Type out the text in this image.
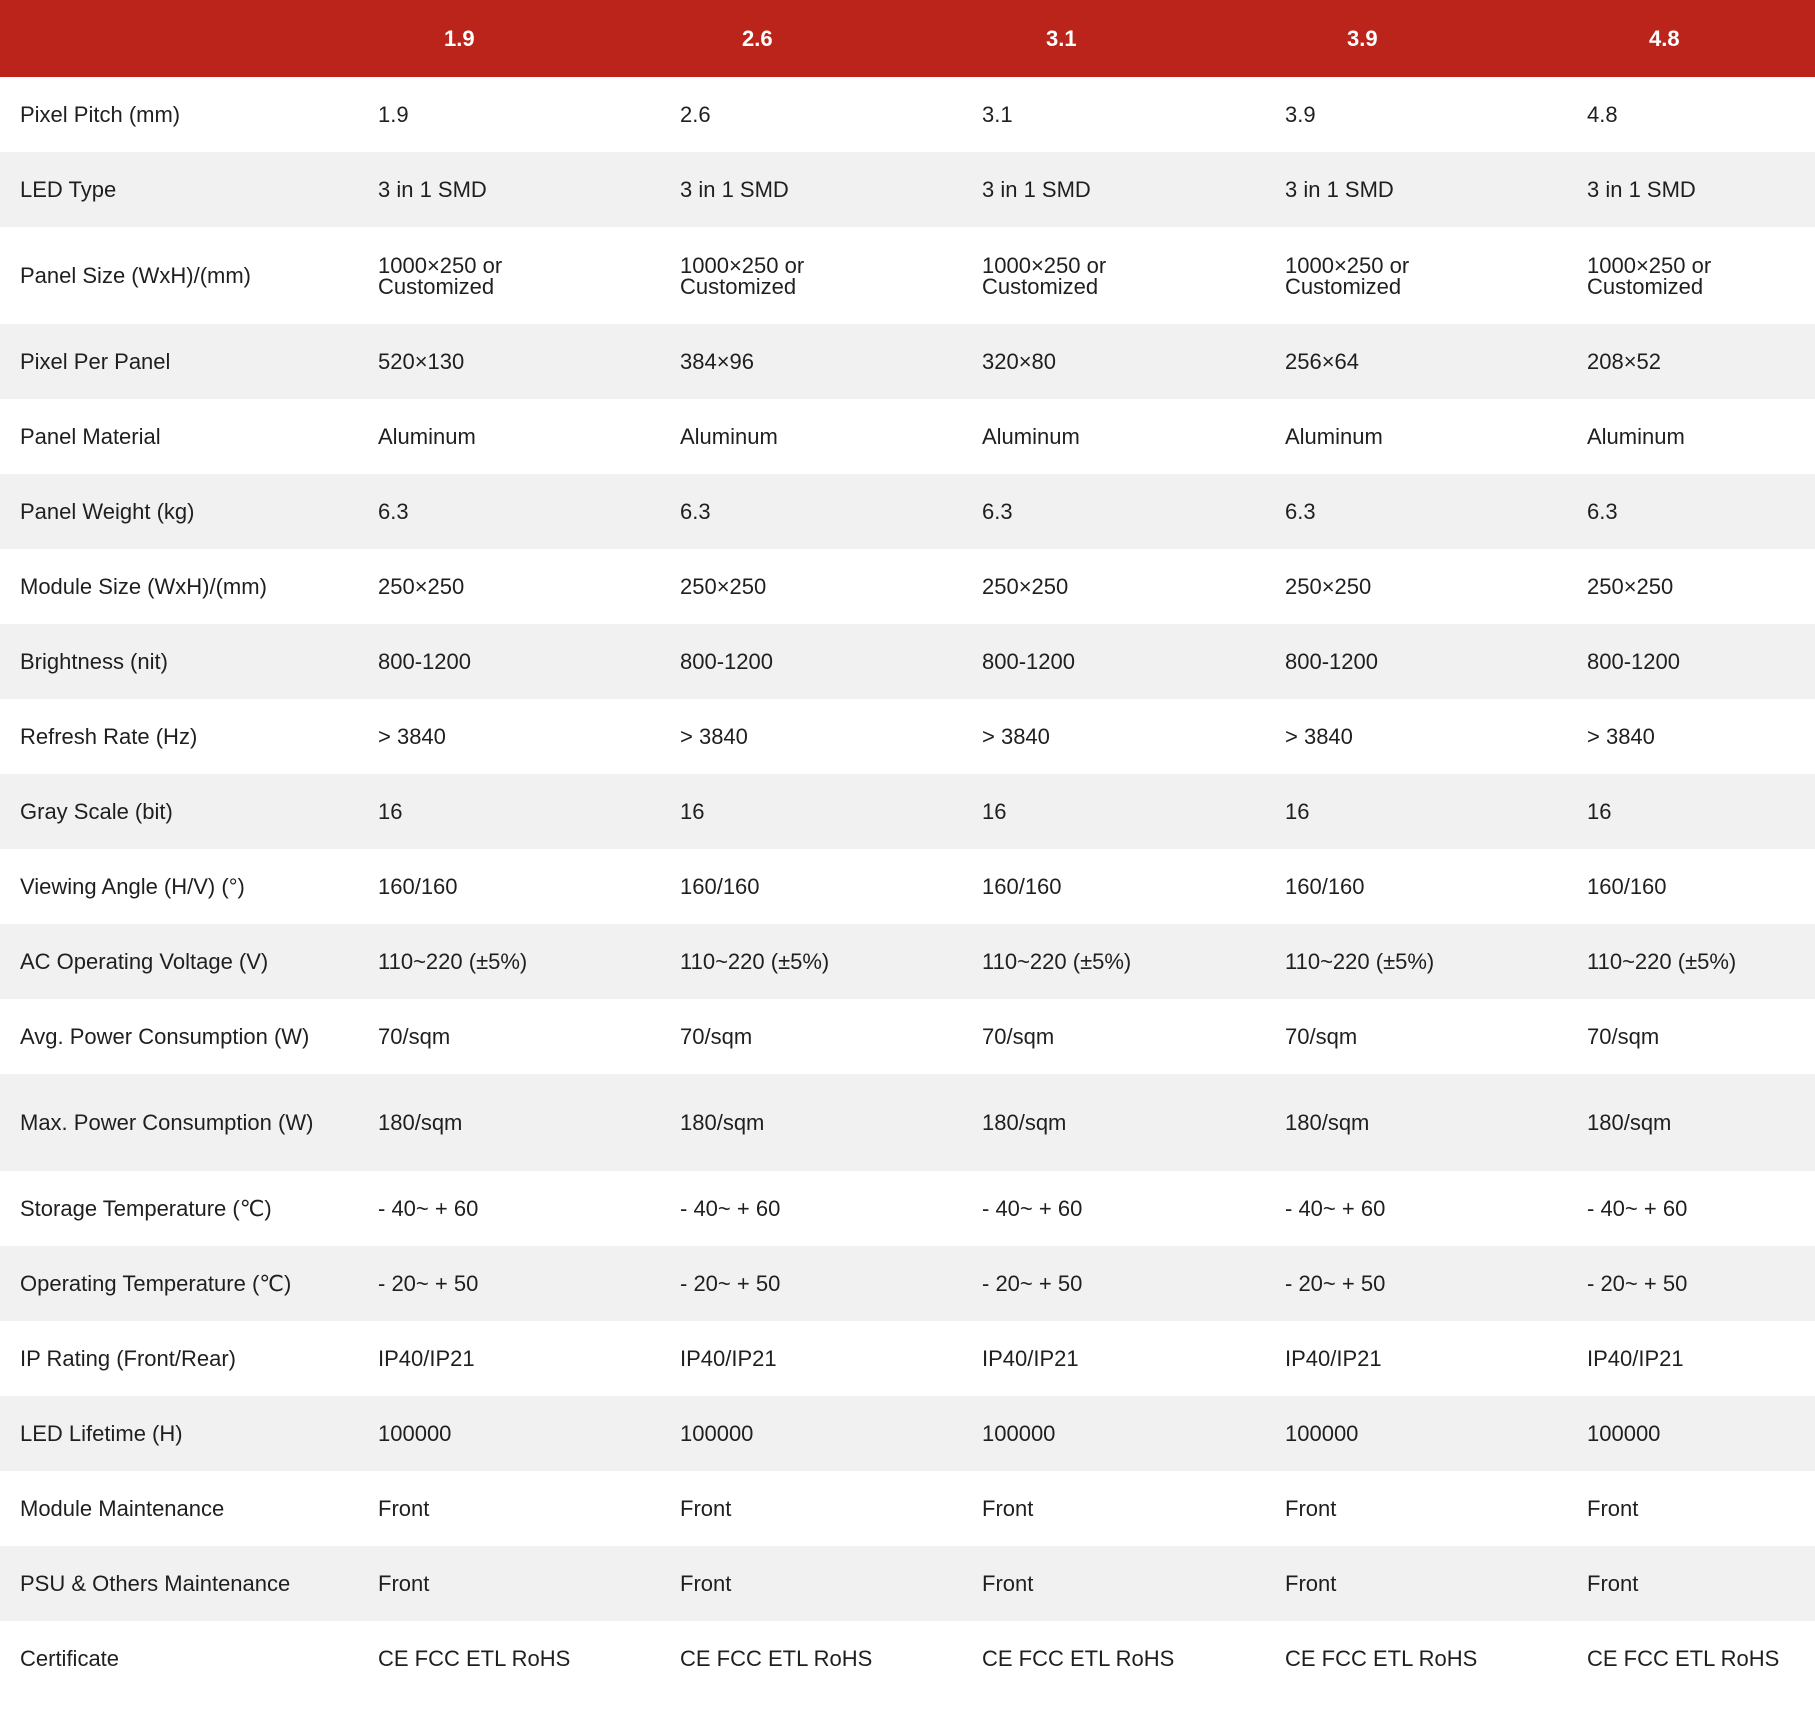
	1.9	2.6	3.1	3.9	4.8
Pixel Pitch (mm)	1.9	2.6	3.1	3.9	4.8
LED Type	3 in 1 SMD	3 in 1 SMD	3 in 1 SMD	3 in 1 SMD	3 in 1 SMD
Panel Size (WxH)/(mm)	1000×250 or Customized	1000×250 or Customized	1000×250 or Customized	1000×250 or Customized	1000×250 or Customized
Pixel Per Panel	520×130	384×96	320×80	256×64	208×52
Panel Material	Aluminum	Aluminum	Aluminum	Aluminum	Aluminum
Panel Weight (kg)	6.3	6.3	6.3	6.3	6.3
Module Size (WxH)/(mm)	250×250	250×250	250×250	250×250	250×250
Brightness (nit)	800-1200	800-1200	800-1200	800-1200	800-1200
Refresh Rate (Hz)	> 3840	> 3840	> 3840	> 3840	> 3840
Gray Scale (bit)	16	16	16	16	16
Viewing Angle (H/V) (°)	160/160	160/160	160/160	160/160	160/160
AC Operating Voltage (V)	110~220 (±5%)	110~220 (±5%)	110~220 (±5%)	110~220 (±5%)	110~220 (±5%)
Avg. Power Consumption (W)	70/sqm	70/sqm	70/sqm	70/sqm	70/sqm
Max. Power Consumption (W)	180/sqm	180/sqm	180/sqm	180/sqm	180/sqm
Storage Temperature (℃)	- 40~ + 60	- 40~ + 60	- 40~ + 60	- 40~ + 60	- 40~ + 60
Operating Temperature (℃)	- 20~ + 50	- 20~ + 50	- 20~ + 50	- 20~ + 50	- 20~ + 50
IP Rating (Front/Rear)	IP40/IP21	IP40/IP21	IP40/IP21	IP40/IP21	IP40/IP21
LED Lifetime (H)	100000	100000	100000	100000	100000
Module Maintenance	Front	Front	Front	Front	Front
PSU & Others Maintenance	Front	Front	Front	Front	Front
Certificate	CE FCC ETL RoHS	CE FCC ETL RoHS	CE FCC ETL RoHS	CE FCC ETL RoHS	CE FCC ETL RoHS
